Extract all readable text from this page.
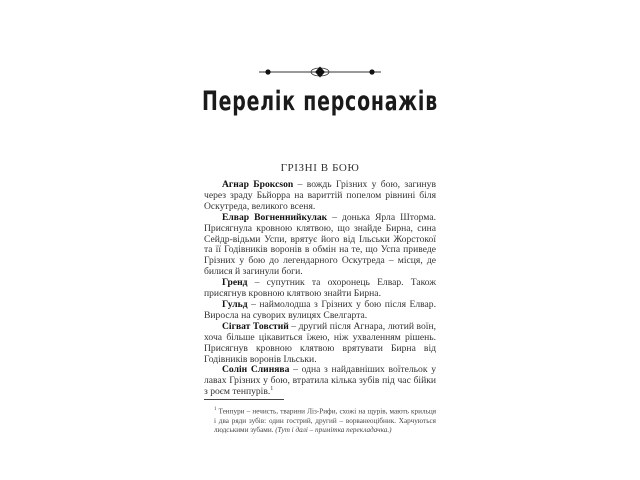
Перелік персонажів
ГРІЗНІ В БОЮ

Агнар Броксson – вождь Грізних у бою, загинув через зраду Бьйорра на вариттій попелом рівнині біля Оскутреда, великого всеня.

Елвар Вогненнийкулак – донька Ярла Штормa. Присягнула кровною клятвою, що знайде Бирна, сина Сейдр-відьми Успи, врятує його від Ільськи Жорстокої та її Годівників воронів в обмін на те, що Успа приведе Грізних у бою до легендарного Оскутреда – місця, де билися й загинули боги.

Гренд – супутник та охоронець Елвар. Також присягнув кровною клятвою знайти Бирна.

Гульд – наймолодша з Грізних у бою після Елвар. Виросла на суворих вулицях Свелгарта.

Сігват Товстий – другий після Агнара, лютий воїн, хоча більше цікавиться їжею, ніж ухваленням рішень. Присягнув кровною клятвою врятувати Бирна від Годівників воронів Ільськи.

Солін Слинява – одна з найдавніших воїтельок у лавах Грізних у бою, втратила кілька зубів під час бійки з роєм тенпурів.$^1$

$^1$ Тенпури – нечисть, тварини Ліз-Рифи, схожі на щурів, мають крильця і два ряди зубів: один гострий, другий – ворванеоцібник. Харчуються людськими зубами. (Тут і далі – примітка перекладачка.)
